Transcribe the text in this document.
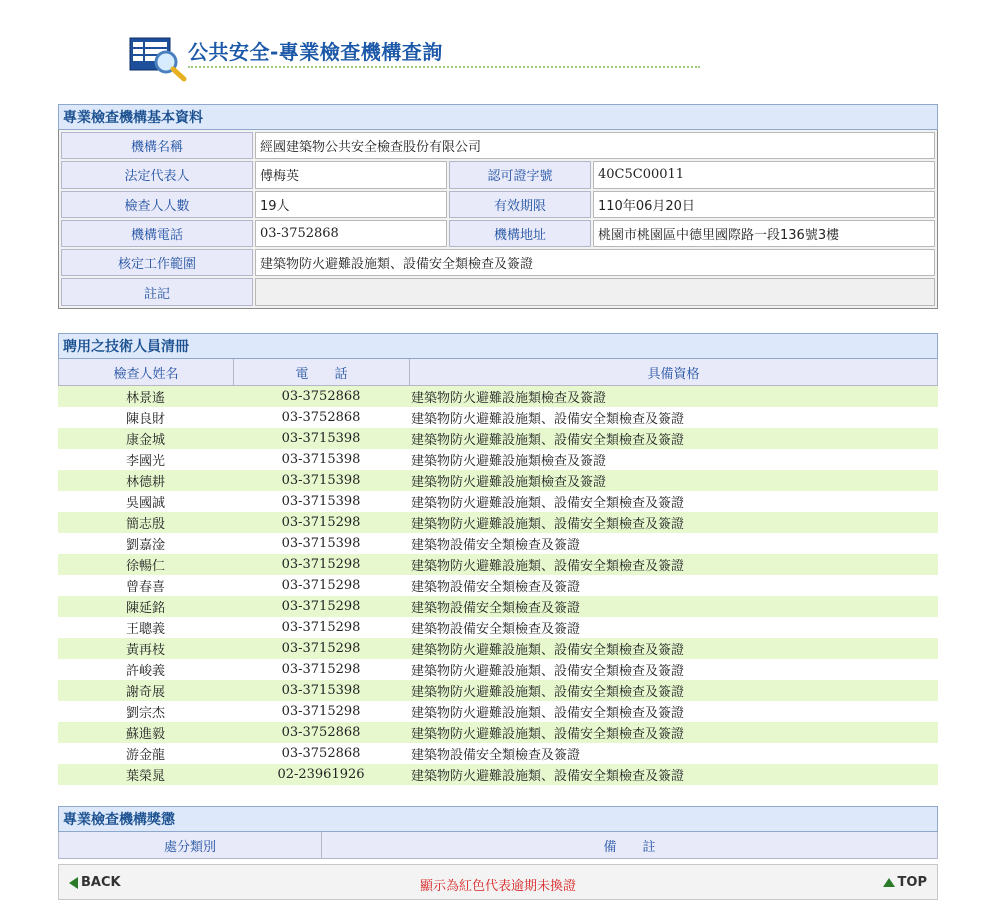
公共安全-專業檢查機構查詢
專業檢查機構基本資料
機構名稱	經國建築物公共安全檢查股份有限公司
法定代表人	傅梅英	認可證字號	40C5C00011
檢查人人數	19人	有效期限	110年06月20日
機構電話	03-3752868	機構地址	桃園市桃園區中德里國際路一段136號3樓
核定工作範圍	建築物防火避難設施類、設備安全類檢查及簽證
註記
聘用之技術人員清冊
檢查人姓名	電　　話	具備資格
林景遙	03-3752868	建築物防火避難設施類檢查及簽證
陳良財	03-3752868	建築物防火避難設施類、設備安全類檢查及簽證
康金城	03-3715398	建築物防火避難設施類、設備安全類檢查及簽證
李國光	03-3715398	建築物防火避難設施類檢查及簽證
林德耕	03-3715398	建築物防火避難設施類檢查及簽證
吳國誠	03-3715398	建築物防火避難設施類、設備安全類檢查及簽證
簡志殷	03-3715298	建築物防火避難設施類、設備安全類檢查及簽證
劉嘉淦	03-3715398	建築物設備安全類檢查及簽證
徐暢仁	03-3715298	建築物防火避難設施類、設備安全類檢查及簽證
曾春喜	03-3715298	建築物設備安全類檢查及簽證
陳延銘	03-3715298	建築物設備安全類檢查及簽證
王聰義	03-3715298	建築物設備安全類檢查及簽證
黃再枝	03-3715298	建築物防火避難設施類、設備安全類檢查及簽證
許峻義	03-3715298	建築物防火避難設施類、設備安全類檢查及簽證
謝奇展	03-3715398	建築物防火避難設施類、設備安全類檢查及簽證
劉宗杰	03-3715298	建築物防火避難設施類、設備安全類檢查及簽證
蘇進毅	03-3752868	建築物防火避難設施類、設備安全類檢查及簽證
游金龍	03-3752868	建築物設備安全類檢查及簽證
葉榮晁	02-23961926	建築物防火避難設施類、設備安全類檢查及簽證
專業檢查機構獎懲
處分類別	備　　註
BACK	顯示為紅色代表逾期未換證	TOP
